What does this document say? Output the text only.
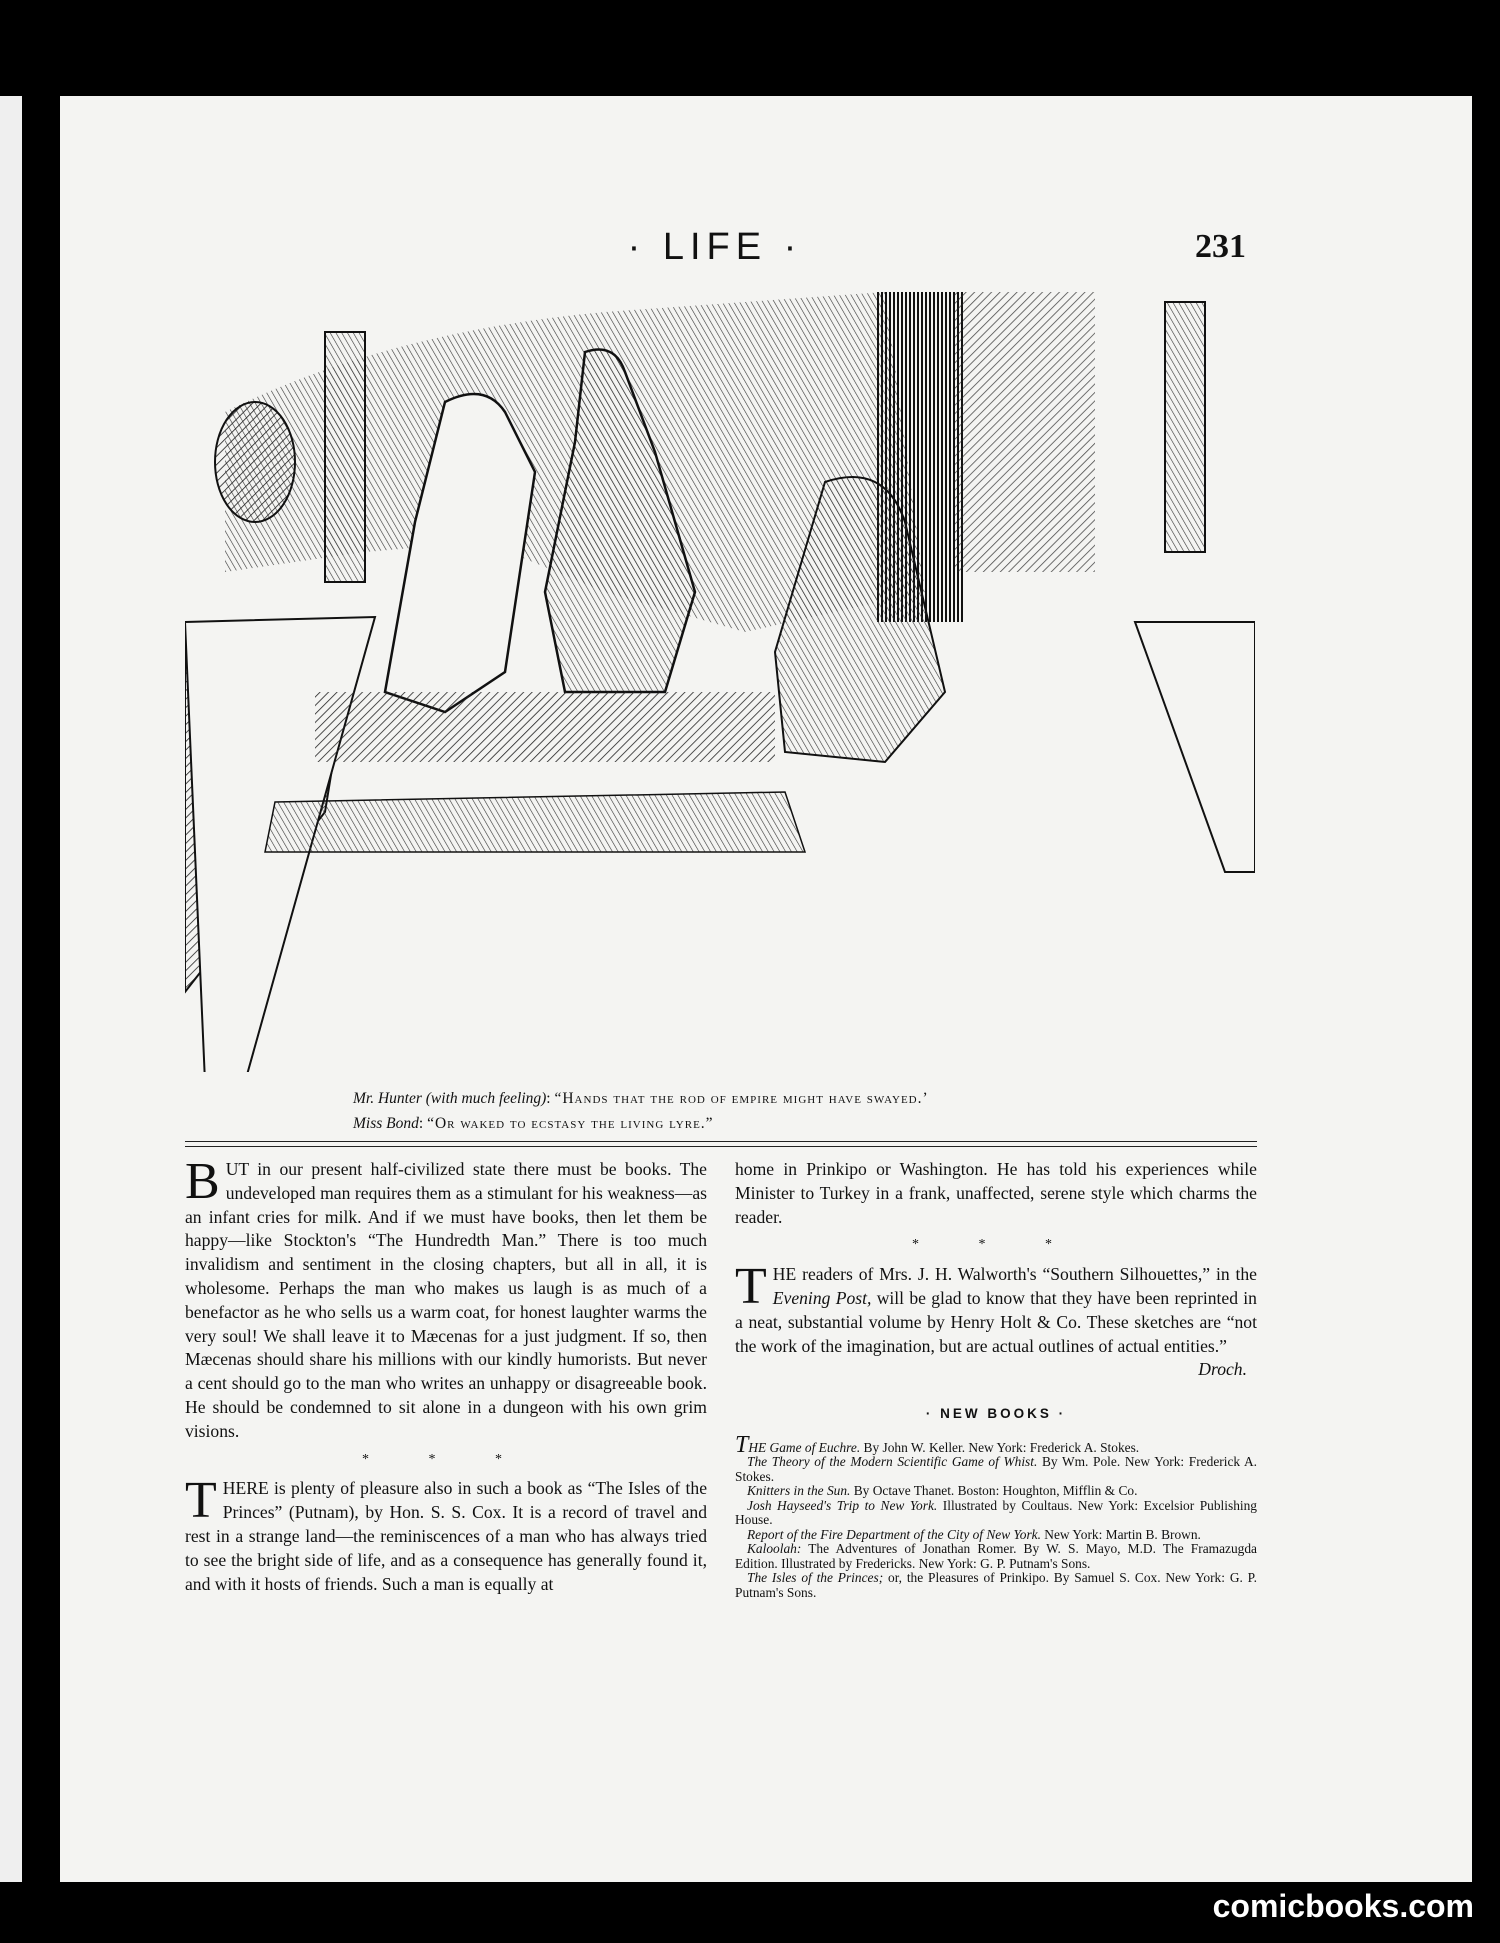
· LIFE ·	231
Mr. Hunter (with much feeling): “Hands that the rod of empire might have swayed.’
Miss Bond: “Or waked to ecstasy the living lyre.”

BUT in our present half-civilized state there must be books. The undeveloped man requires them as a stimulant for his weakness—as an infant cries for milk. And if we must have books, then let them be happy—like Stockton's “The Hundredth Man.” There is too much invalidism and sentiment in the closing chapters, but all in all, it is wholesome. Perhaps the man who makes us laugh is as much of a benefactor as he who sells us a warm coat, for honest laughter warms the very soul! We shall leave it to Mæcenas for a just judgment. If so, then Mæcenas should share his millions with our kindly humorists. But never a cent should go to the man who writes an unhappy or disagreeable book. He should be condemned to sit alone in a dungeon with his own grim visions.

* * *

THERE is plenty of pleasure also in such a book as “The Isles of the Princes” (Putnam), by Hon. S. S. Cox. It is a record of travel and rest in a strange land—the reminiscences of a man who has always tried to see the bright side of life, and as a consequence has generally found it, and with it hosts of friends. Such a man is equally at

home in Prinkipo or Washington. He has told his experiences while Minister to Turkey in a frank, unaffected, serene style which charms the reader.

* * *

THE readers of Mrs. J. H. Walworth's “Southern Silhouettes,” in the Evening Post, will be glad to know that they have been reprinted in a neat, substantial volume by Henry Holt & Co. These sketches are “not the work of the imagination, but are actual outlines of actual entities.”

Droch.
· NEW BOOKS ·

THE Game of Euchre. By John W. Keller. New York: Frederick A. Stokes.

The Theory of the Modern Scientific Game of Whist. By Wm. Pole. New York: Frederick A. Stokes.

Knitters in the Sun. By Octave Thanet. Boston: Houghton, Mifflin & Co.

Josh Hayseed's Trip to New York. Illustrated by Coultaus. New York: Excelsior Publishing House.

Report of the Fire Department of the City of New York. New York: Martin B. Brown.

Kaloolah: The Adventures of Jonathan Romer. By W. S. Mayo, M.D. The Framazugda Edition. Illustrated by Fredericks. New York: G. P. Putnam's Sons.

The Isles of the Princes; or, the Pleasures of Prinkipo. By Samuel S. Cox. New York: G. P. Putnam's Sons.

comicbooks.com
